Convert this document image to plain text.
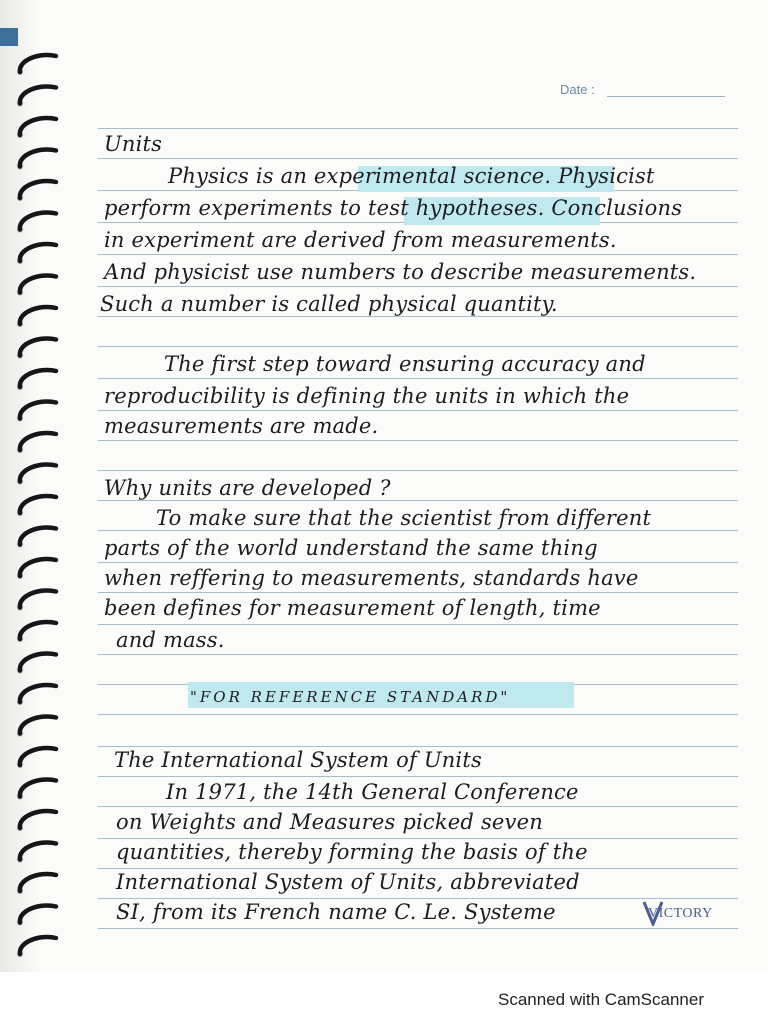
Date :
Units
Physics is an experimental science. Physicist
perform experiments to test hypotheses. Conclusions
in experiment are derived from measurements.
And physicist use numbers to describe measurements.
Such a number is called physical quantity.
The first step toward ensuring accuracy and
reproducibility is defining the units in which the
measurements are made.
Why units are developed ?
To make sure that the scientist from different
parts of the world understand the same thing
when reffering to measurements, standards have
been defines for measurement of length, time
and mass.
"FOR REFERENCE STANDARD"
The International System of Units
In 1971, the 14th General Conference
on Weights and Measures picked seven
quantities, thereby forming the basis of the
International System of Units, abbreviated
SI, from its French name C. Le. Systeme	VICTORY
Scanned with CamScanner
